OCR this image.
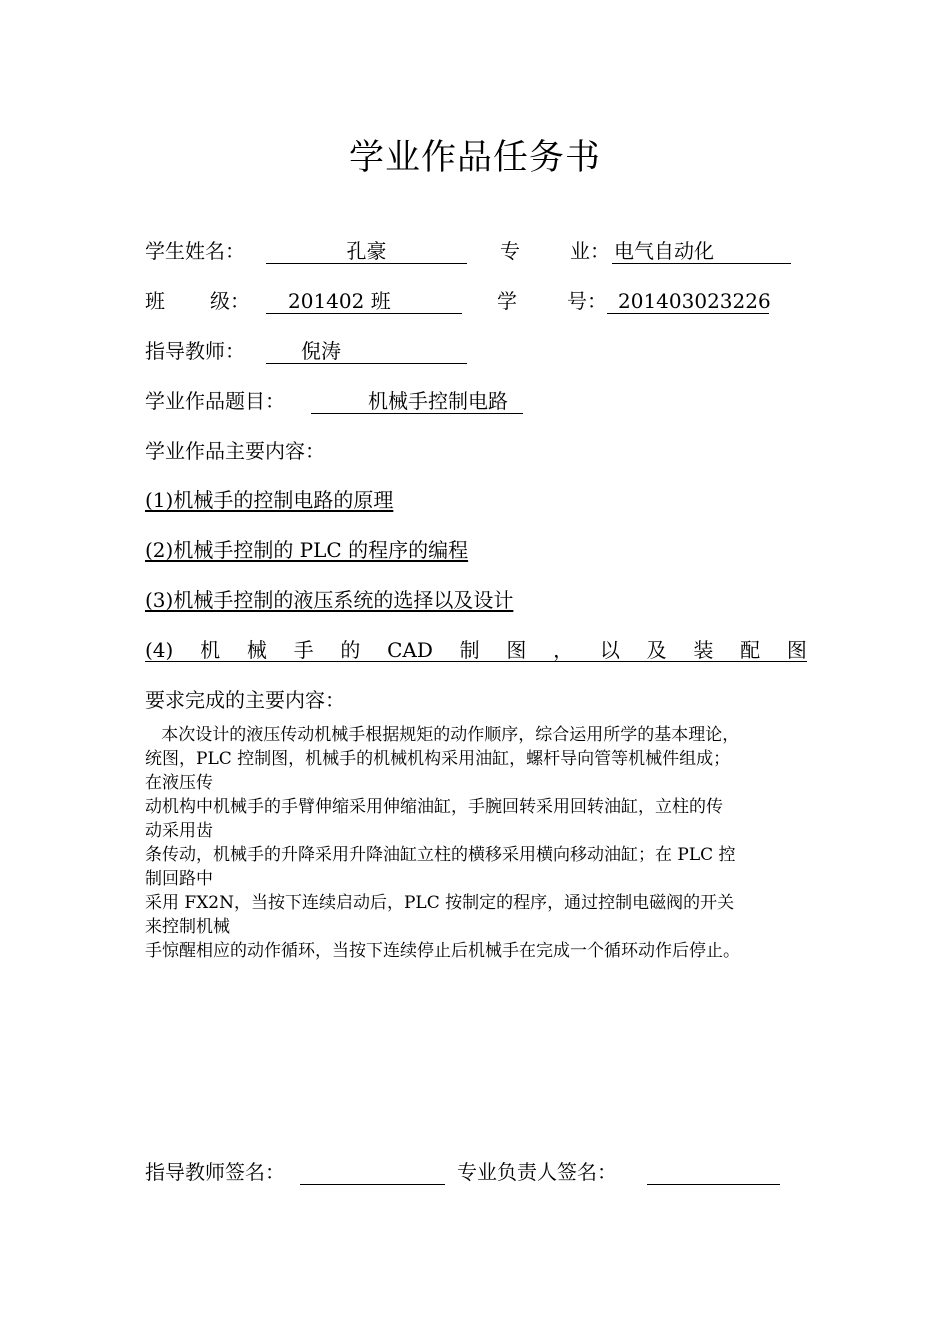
学业作品任务书
学生姓名：	孔豪	专	业： 电气自动化
班 级： 201402 班	学	号： 201403023226
指导教师：	倪涛
学业作品题目：	机械手控制电路
学业作品主要内容：
(1)机械手的控制电路的原理
(2)机械手控制的 PLC 的程序的编程
(3)机械手控制的液压系统的选择以及设计
(4) 机 械 手 的 CAD 制 图 ， 以 及 装 配 图
要求完成的主要内容：
本次设计的液压传动机械手根据规矩的动作顺序，综合运用所学的基本理论，
统图，PLC 控制图，机械手的机械机构采用油缸，螺杆导向管等机械件组成；
在液压传
动机构中机械手的手臂伸缩采用伸缩油缸，手腕回转采用回转油缸，立柱的传
动采用齿
条传动，机械手的升降采用升降油缸立柱的横移采用横向移动油缸；在 PLC 控
制回路中
采用 FX2N，当按下连续启动后，PLC 按制定的程序，通过控制电磁阀的开关
来控制机械
手惊醒相应的动作循环，当按下连续停止后机械手在完成一个循环动作后停止。
指导教师签名：	专业负责人签名：
